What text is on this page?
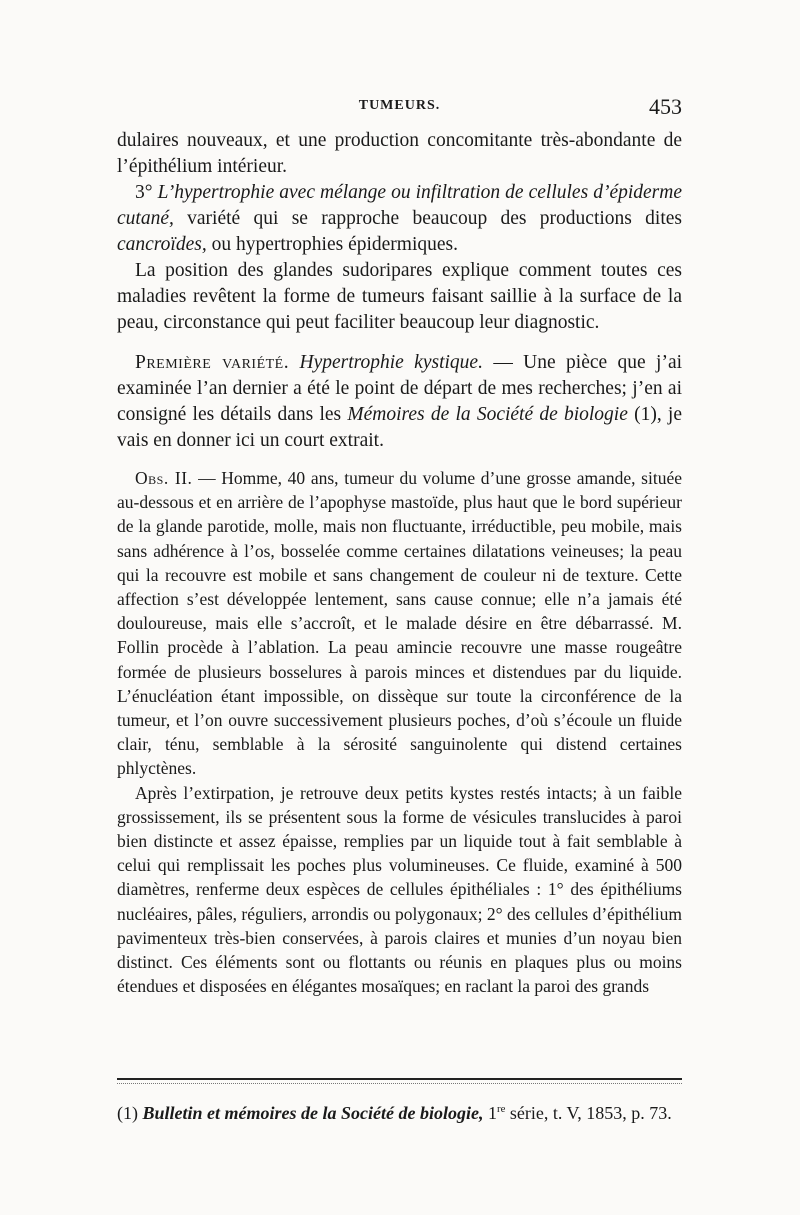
TUMEURS.	453

dulaires nouveaux, et une production concomitante très-abondante de l’épithélium intérieur.

3° L’hypertrophie avec mélange ou infiltration de cellules d’épiderme cutané, variété qui se rapproche beaucoup des productions dites cancroïdes, ou hypertrophies épidermiques.

La position des glandes sudoripares explique comment toutes ces maladies revêtent la forme de tumeurs faisant saillie à la surface de la peau, circonstance qui peut faciliter beaucoup leur diagnostic.

Première variété. Hypertrophie kystique. — Une pièce que j’ai examinée l’an dernier a été le point de départ de mes recherches; j’en ai consigné les détails dans les Mémoires de la Société de biologie (1), je vais en donner ici un court extrait.

Obs. II. — Homme, 40 ans, tumeur du volume d’une grosse amande, située au-dessous et en arrière de l’apophyse mastoïde, plus haut que le bord supérieur de la glande parotide, molle, mais non fluctuante, irréductible, peu mobile, mais sans adhérence à l’os, bosselée comme certaines dilatations veineuses; la peau qui la recouvre est mobile et sans changement de couleur ni de texture. Cette affection s’est développée lentement, sans cause connue; elle n’a jamais été douloureuse, mais elle s’accroît, et le malade désire en être débarrassé. M. Follin procède à l’ablation. La peau amincie recouvre une masse rougeâtre formée de plusieurs bosselures à parois minces et distendues par du liquide. L’énucléation étant impossible, on dissèque sur toute la circonférence de la tumeur, et l’on ouvre successivement plusieurs poches, d’où s’écoule un fluide clair, ténu, semblable à la sérosité sanguinolente qui distend certaines phlyctènes.

Après l’extirpation, je retrouve deux petits kystes restés intacts; à un faible grossissement, ils se présentent sous la forme de vésicules translucides à paroi bien distincte et assez épaisse, remplies par un liquide tout à fait semblable à celui qui remplissait les poches plus volumineuses. Ce fluide, examiné à 500 diamètres, renferme deux espèces de cellules épithéliales : 1° des épithéliums nucléaires, pâles, réguliers, arrondis ou polygonaux; 2° des cellules d’épithélium pavimenteux très-bien conservées, à parois claires et munies d’un noyau bien distinct. Ces éléments sont ou flottants ou réunis en plaques plus ou moins étendues et disposées en élégantes mosaïques; en raclant la paroi des grands

(1) Bulletin et mémoires de la Société de biologie, 1re série, t. V, 1853, p. 73.
